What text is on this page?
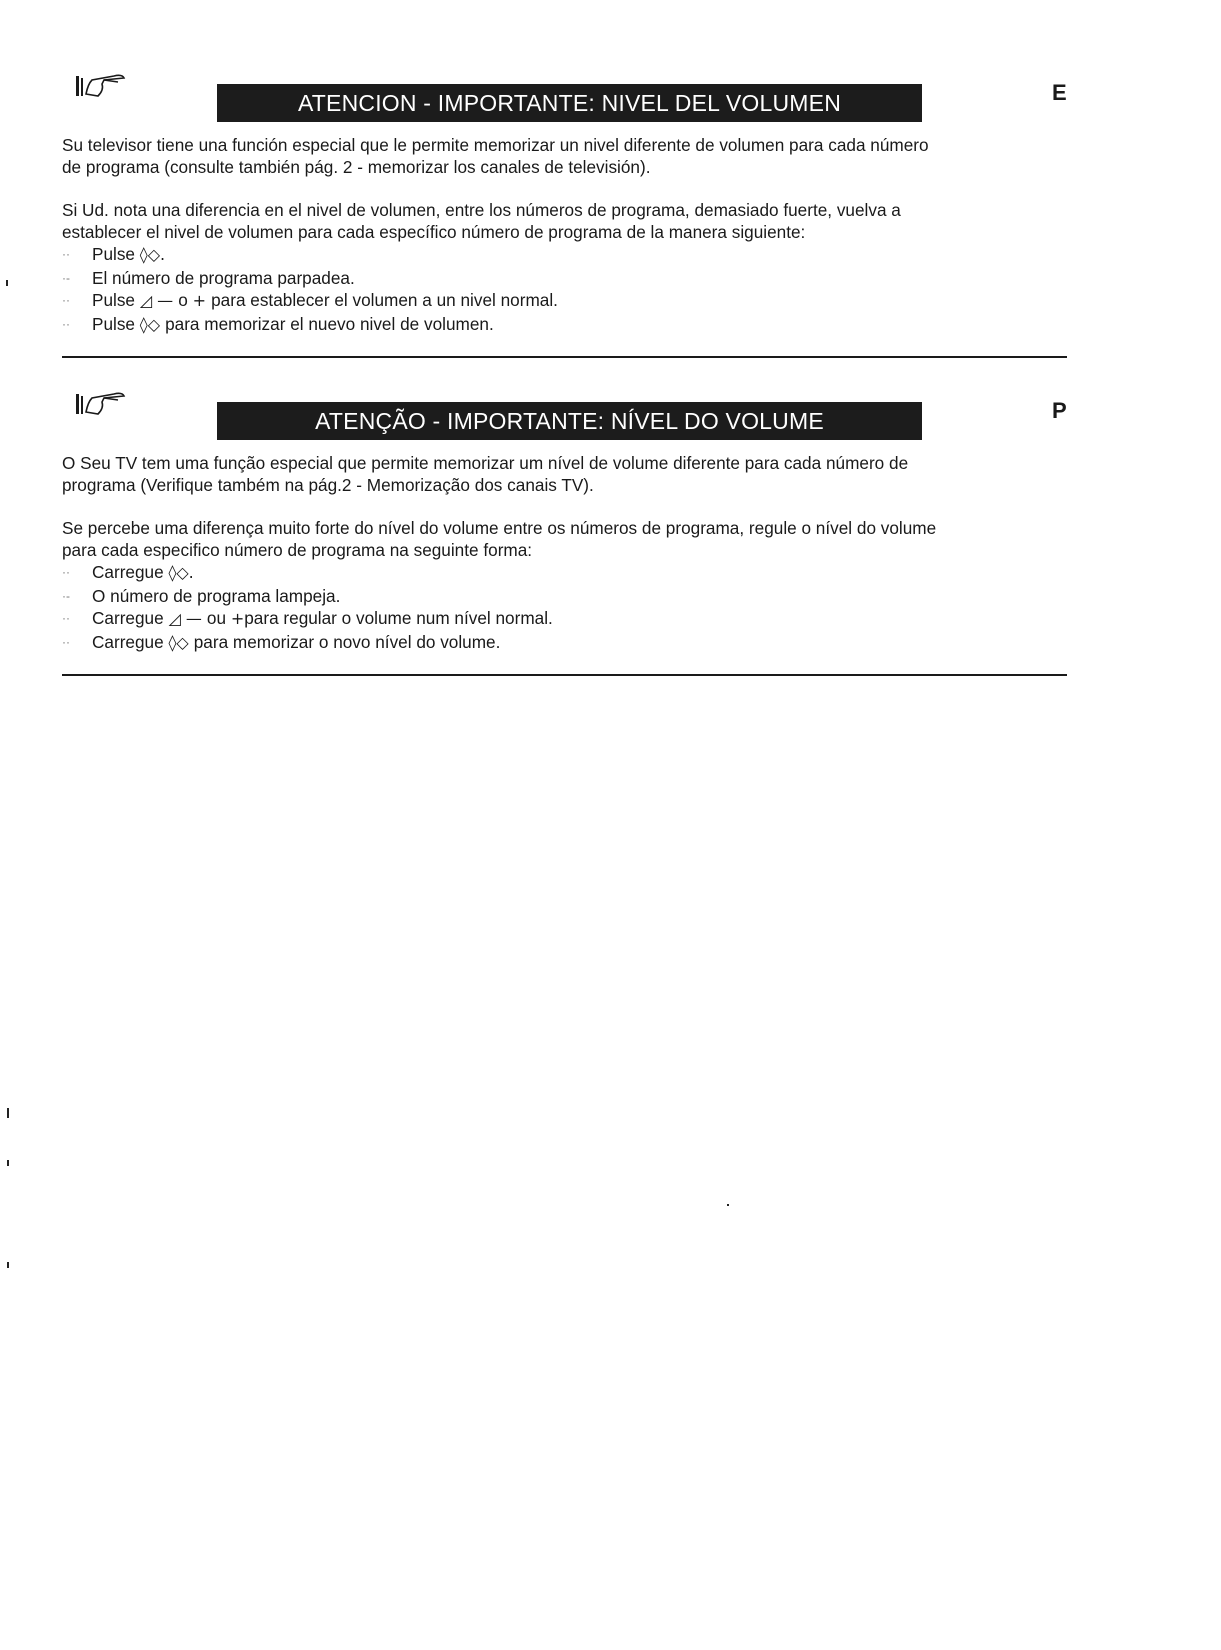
ATENCION - IMPORTANTE: NIVEL DEL VOLUMEN	E
Su televisor tiene una función especial que le permite memorizar un nivel diferente de volumen para cada número
de programa (consulte también pág. 2 - memorizar los canales de televisión).
Si Ud. nota una diferencia en el nivel de volumen, entre los números de programa, demasiado fuerte, vuelva a
establecer el nivel de volumen para cada específico número de programa de la manera siguiente:
··	Pulse ◊◇.
·-	El número de programa parpadea.
··	Pulse ◿ — o + para establecer el volumen a un nivel normal.
··	Pulse ◊◇ para memorizar el nuevo nivel de volumen.
ATENÇÃO - IMPORTANTE: NÍVEL DO VOLUME	P
O Seu TV tem uma função especial que permite memorizar um nível de volume diferente para cada número de
programa (Verifique também na pág.2 - Memorização dos canais TV).
Se percebe uma diferença muito forte do nível do volume entre os números de programa, regule o nível do volume
para cada especifico número de programa na seguinte forma:
··	Carregue ◊◇.
·-	O número de programa lampeja.
··	Carregue ◿ — ou +para regular o volume num nível normal.
··	Carregue ◊◇ para memorizar o novo nível do volume.
